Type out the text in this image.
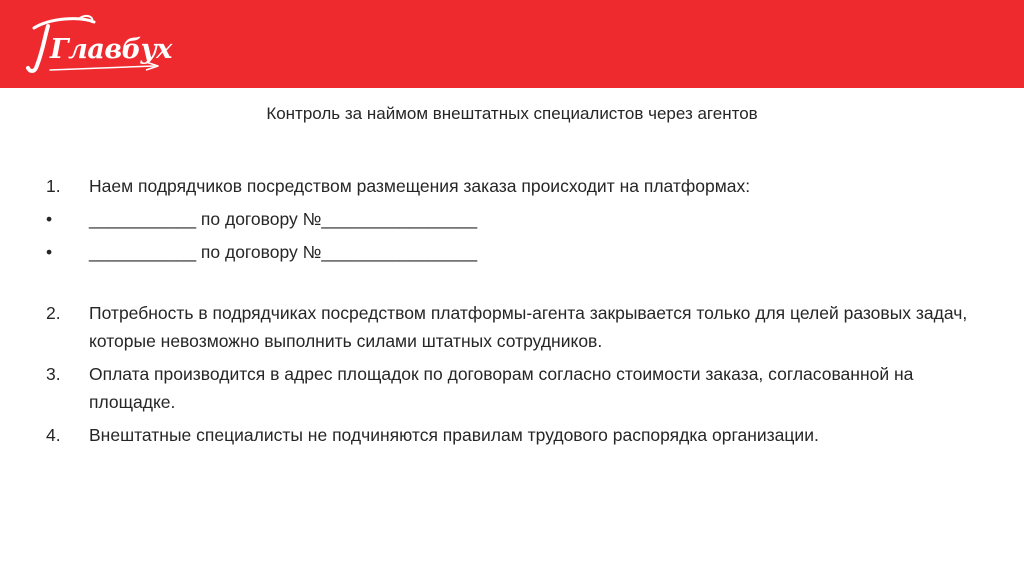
Главбух
Контроль за наймом внештатных специалистов через агентов
1.	Наем подрядчиков посредством размещения заказа происходит на платформах:
•	___________ по договору №________________
•	___________ по договору №________________
2.	Потребность в подрядчиках посредством платформы-агента закрывается только для целей разовых задач, которые невозможно выполнить силами штатных сотрудников.
3.	Оплата производится в адрес площадок по договорам согласно стоимости заказа, согласованной на площадке.
4.	Внештатные специалисты не подчиняются правилам трудового распорядка организации.
